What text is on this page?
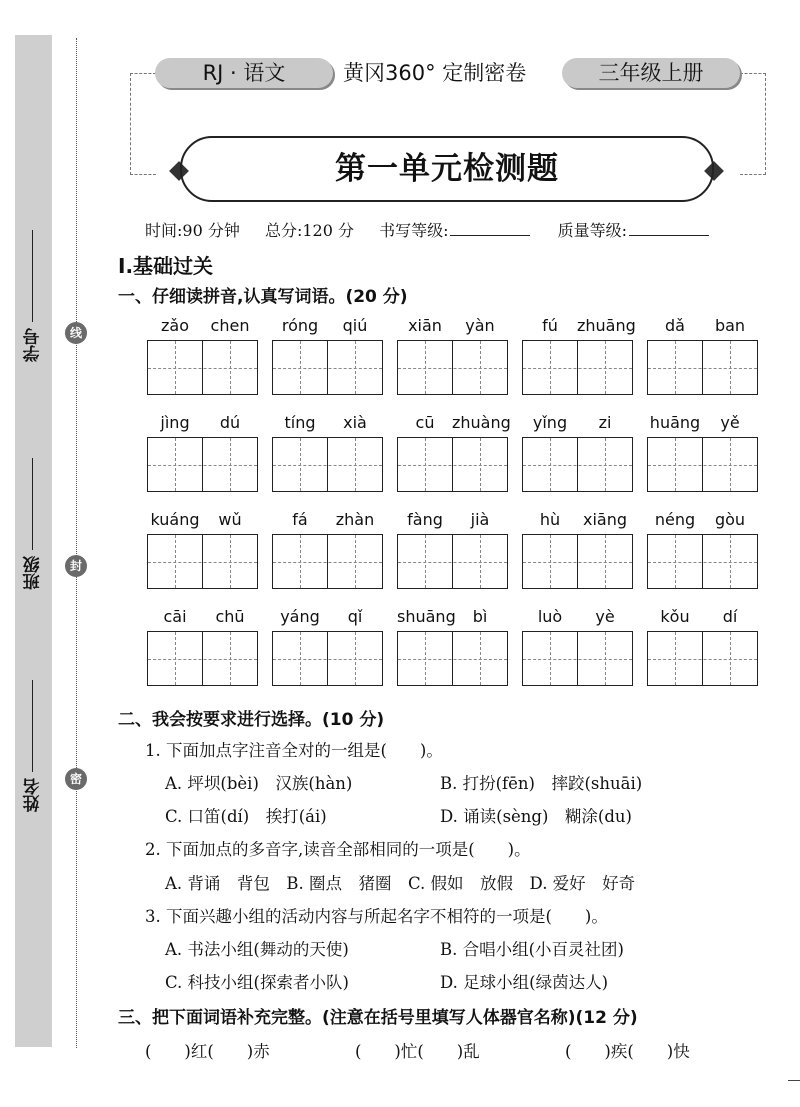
线
封
密
学号
班级
姓名
RJ · 语文	黄冈360° 定制密卷	三年级上册
第一单元检测题
时间:90 分钟 总分:120 分 书写等级:	质量等级:
Ⅰ.基础过关
一、仔细读拼音,认真写词语。(20 分)
zǎo	chen	róng	qiú	xiān	yàn	fú	zhuāng	dǎ	ban
jìng	dú	tíng	xià	cū	zhuàng	yǐng	zi	huāng	yě
kuáng	wǔ	fá	zhàn	fàng	jià	hù	xiāng	néng	gòu
cāi	chū	yáng	qǐ	shuāng	bì	luò	yè	kǒu	dí
二、我会按要求进行选择。(10 分)
1. 下面加点字注音全对的一组是(　　)。
A. 坪坝(bèi)　汉族(hàn)	B. 打扮(fēn)　摔跤(shuāi)
C. 口笛(dí)　挨打(ái)	D. 诵读(sèng)　糊涂(du)
2. 下面加点的多音字,读音全部相同的一项是(　　)。
A. 背诵　背包　B. 圈点　猪圈　C. 假如　放假　D. 爱好　好奇
3. 下面兴趣小组的活动内容与所起名字不相符的一项是(　　)。
A. 书法小组(舞动的天使)	B. 合唱小组(小百灵社团)
C. 科技小组(探索者小队)	D. 足球小组(绿茵达人)
三、把下面词语补充完整。(注意在括号里填写人体器官名称)(12 分)
(　　)红(　　)赤	(　　)忙(　　)乱	(　　)疾(　　)快
